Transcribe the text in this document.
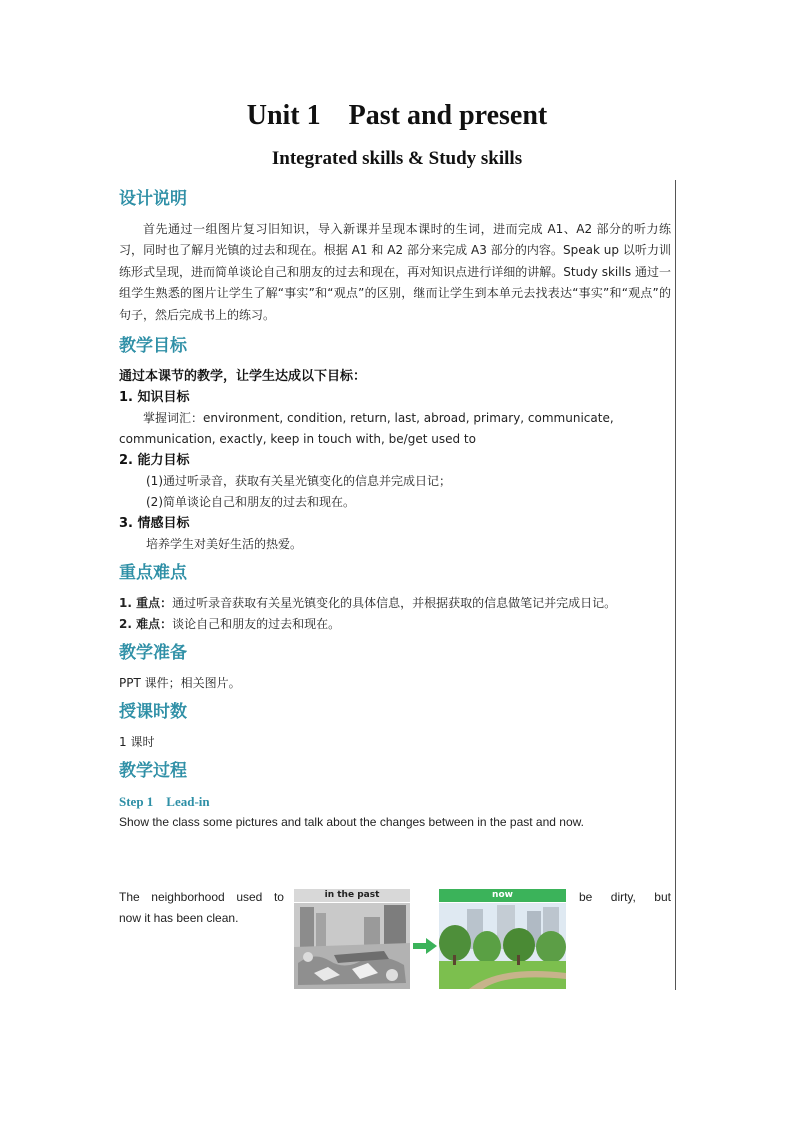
Unit 1    Past and present
Integrated skills & Study skills
设计说明

首先通过一组图片复习旧知识，导入新课并呈现本课时的生词，进而完成 A1、A2 部分的听力练习，同时也了解月光镇的过去和现在。根据 A1 和 A2 部分来完成 A3 部分的内容。Speak up 以听力训练形式呈现，进而简单谈论自己和朋友的过去和现在，再对知识点进行详细的讲解。Study skills 通过一组学生熟悉的图片让学生了解“事实”和“观点”的区别，继而让学生到本单元去找表达“事实”和“观点”的句子，然后完成书上的练习。

教学目标

通过本课节的教学，让学生达成以下目标：

1. 知识目标

掌握词汇：environment, condition, return, last, abroad, primary, communicate, communication, exactly, keep in touch with, be/get used to

2. 能力目标

(1)通过听录音，获取有关星光镇变化的信息并完成日记；

(2)简单谈论自己和朋友的过去和现在。

3. 情感目标

培养学生对美好生活的热爱。

重点难点

1. 重点：通过听录音获取有关星光镇变化的具体信息，并根据获取的信息做笔记并完成日记。

2. 难点：谈论自己和朋友的过去和现在。

教学准备

PPT 课件；相关图片。

授课时数

1 课时

教学过程

Step 1    Lead-in

Show the class some pictures and talk about the changes between in the past and now.

The neighborhood used to
now it has been clean.
in the past	now	be dirty, but
